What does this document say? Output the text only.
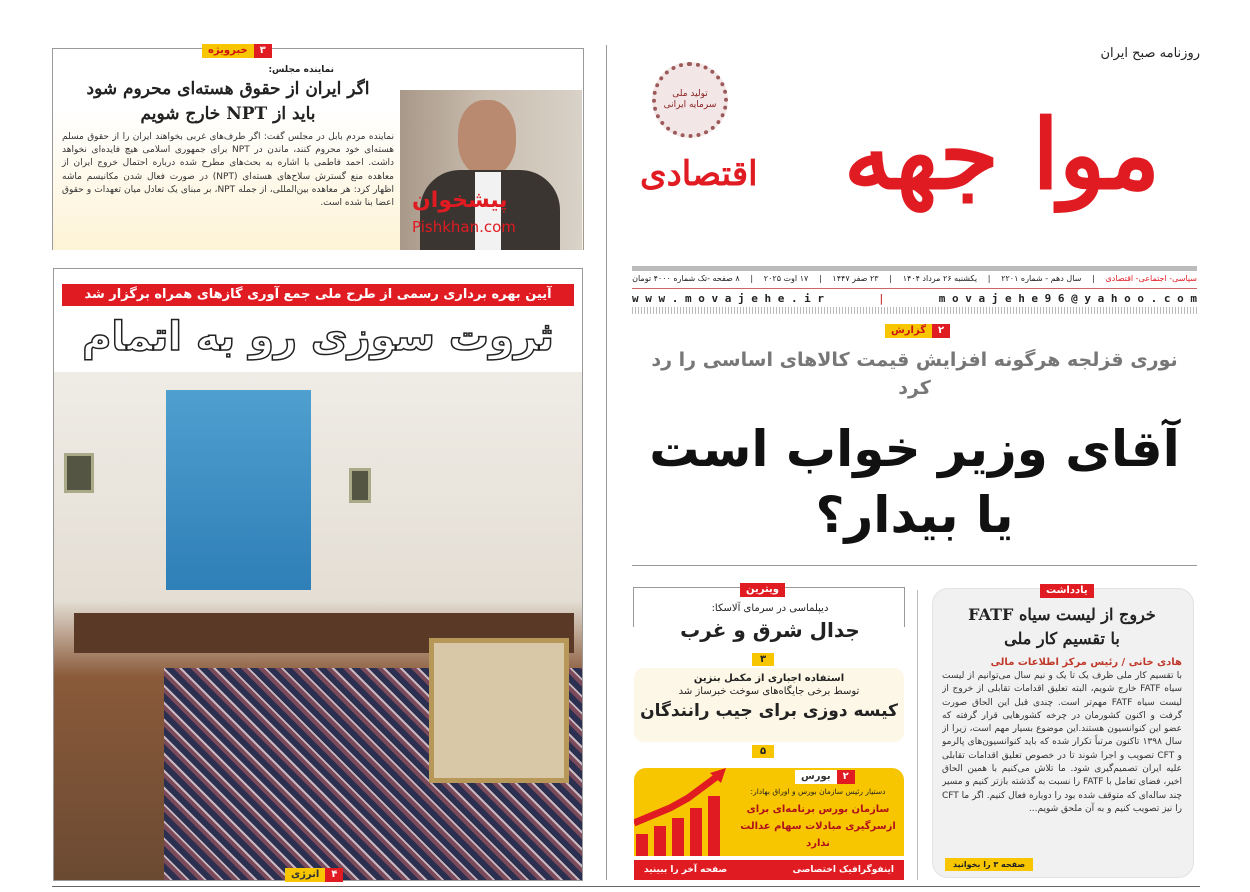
روزنامه صبح ایران
موا جهه
اقتصادی
تولید ملی سرمایه ایرانی
سیاسی- اجتماعی- اقتصادی
|
سال دهم - شماره ۲۲۰۱
|
یکشنبه ۲۶ مرداد ۱۴۰۴
|
۲۳ صفر ۱۴۴۷
|
۱۷ اوت ۲۰۲۵
|
۸ صفحه -تک شماره ۴۰۰۰ تومان
w w w . m o v a j e h e . i r	|	m o v a j e h e 9 6 @ y a h o o . c o m
۲
گزارش
نوری قزلجه هرگونه افزایش قیمت کالاهای اساسی را رد کرد
آقای وزیر خواب است
یا بیدار؟
یادداشت
خروج از لیست سیاه FATF
با تقسیم کار ملی
هادی خانی / رئیس مرکز اطلاعات مالی
با تقسیم کار ملی ظرف یک تا یک و نیم سال می‌توانیم از لیست سیاه FATF خارج شویم، البته تعلیق اقدامات تقابلی از خروج از لیست سیاه FATF مهم‌تر است. چندی قبل این الحاق صورت گرفت و اکنون کشورمان در چرخه کشورهایی قرار گرفته که عضو این کنوانسیون هستند.این موضوع بسیار مهم است، زیرا از سال ۱۳۹۸ تاکنون مرتباً تکرار شده که باید کنوانسیون‌های پالرمو و CFT تصویب و اجرا شوند تا در خصوص تعلیق اقدامات تقابلی علیه ایران تصمیم‌گیری شود. ما تلاش می‌کنیم با همین الحاق اخیر، فضای تعامل با FATF را نسبت به گذشته بازتر کنیم و مسیر چند ساله‌ای که متوقف شده بود را دوباره فعال کنیم. اگر ما CFT را نیز تصویب کنیم و به آن ملحق شویم...
صفحه ۳ را بخوانید
ویترین
دیپلماسی در سرمای آلاسکا:
جدال شرق و غرب
۳
استفاده اجباری از مکمل بنزین
توسط برخی جایگاه‌های سوخت خبرساز شد
کیسه دوزی برای جیب رانندگان
۵
۲
بورس
دستیار رئیس سازمان بورس و اوراق بهادار:
سازمان بورس برنامه‌ای برای
ازسرگیری مبادلات سهام عدالت ندارد
اینفوگرافیک اختصاصی
صفحه آخر را ببینید
۳
خبرویژه
نماینده مجلس:
اگر ایران از حقوق هسته‌ای محروم شود
باید از NPT خارج شویم
نماینده مردم بابل در مجلس گفت: اگر طرف‌های غربی بخواهند ایران را از حقوق مسلم هسته‌ای خود محروم کنند، ماندن در NPT برای جمهوری اسلامی هیچ فایده‌ای نخواهد داشت. احمد فاطمی با اشاره به بحث‌های مطرح شده درباره احتمال خروج ایران از معاهده منع گسترش سلاح‌های هسته‌ای (NPT) در صورت فعال شدن مکانیسم ماشه اظهار کرد: هر معاهده بین‌المللی، از جمله NPT، بر مبنای یک تعادل میان تعهدات و حقوق اعضا بنا شده است. پیشخوان
Pishkhan.com
آیین بهره برداری رسمی از طرح ملی جمع آوری گازهای همراه برگزار شد
ثروت سوزی رو به اتمام
۴
انرژی
